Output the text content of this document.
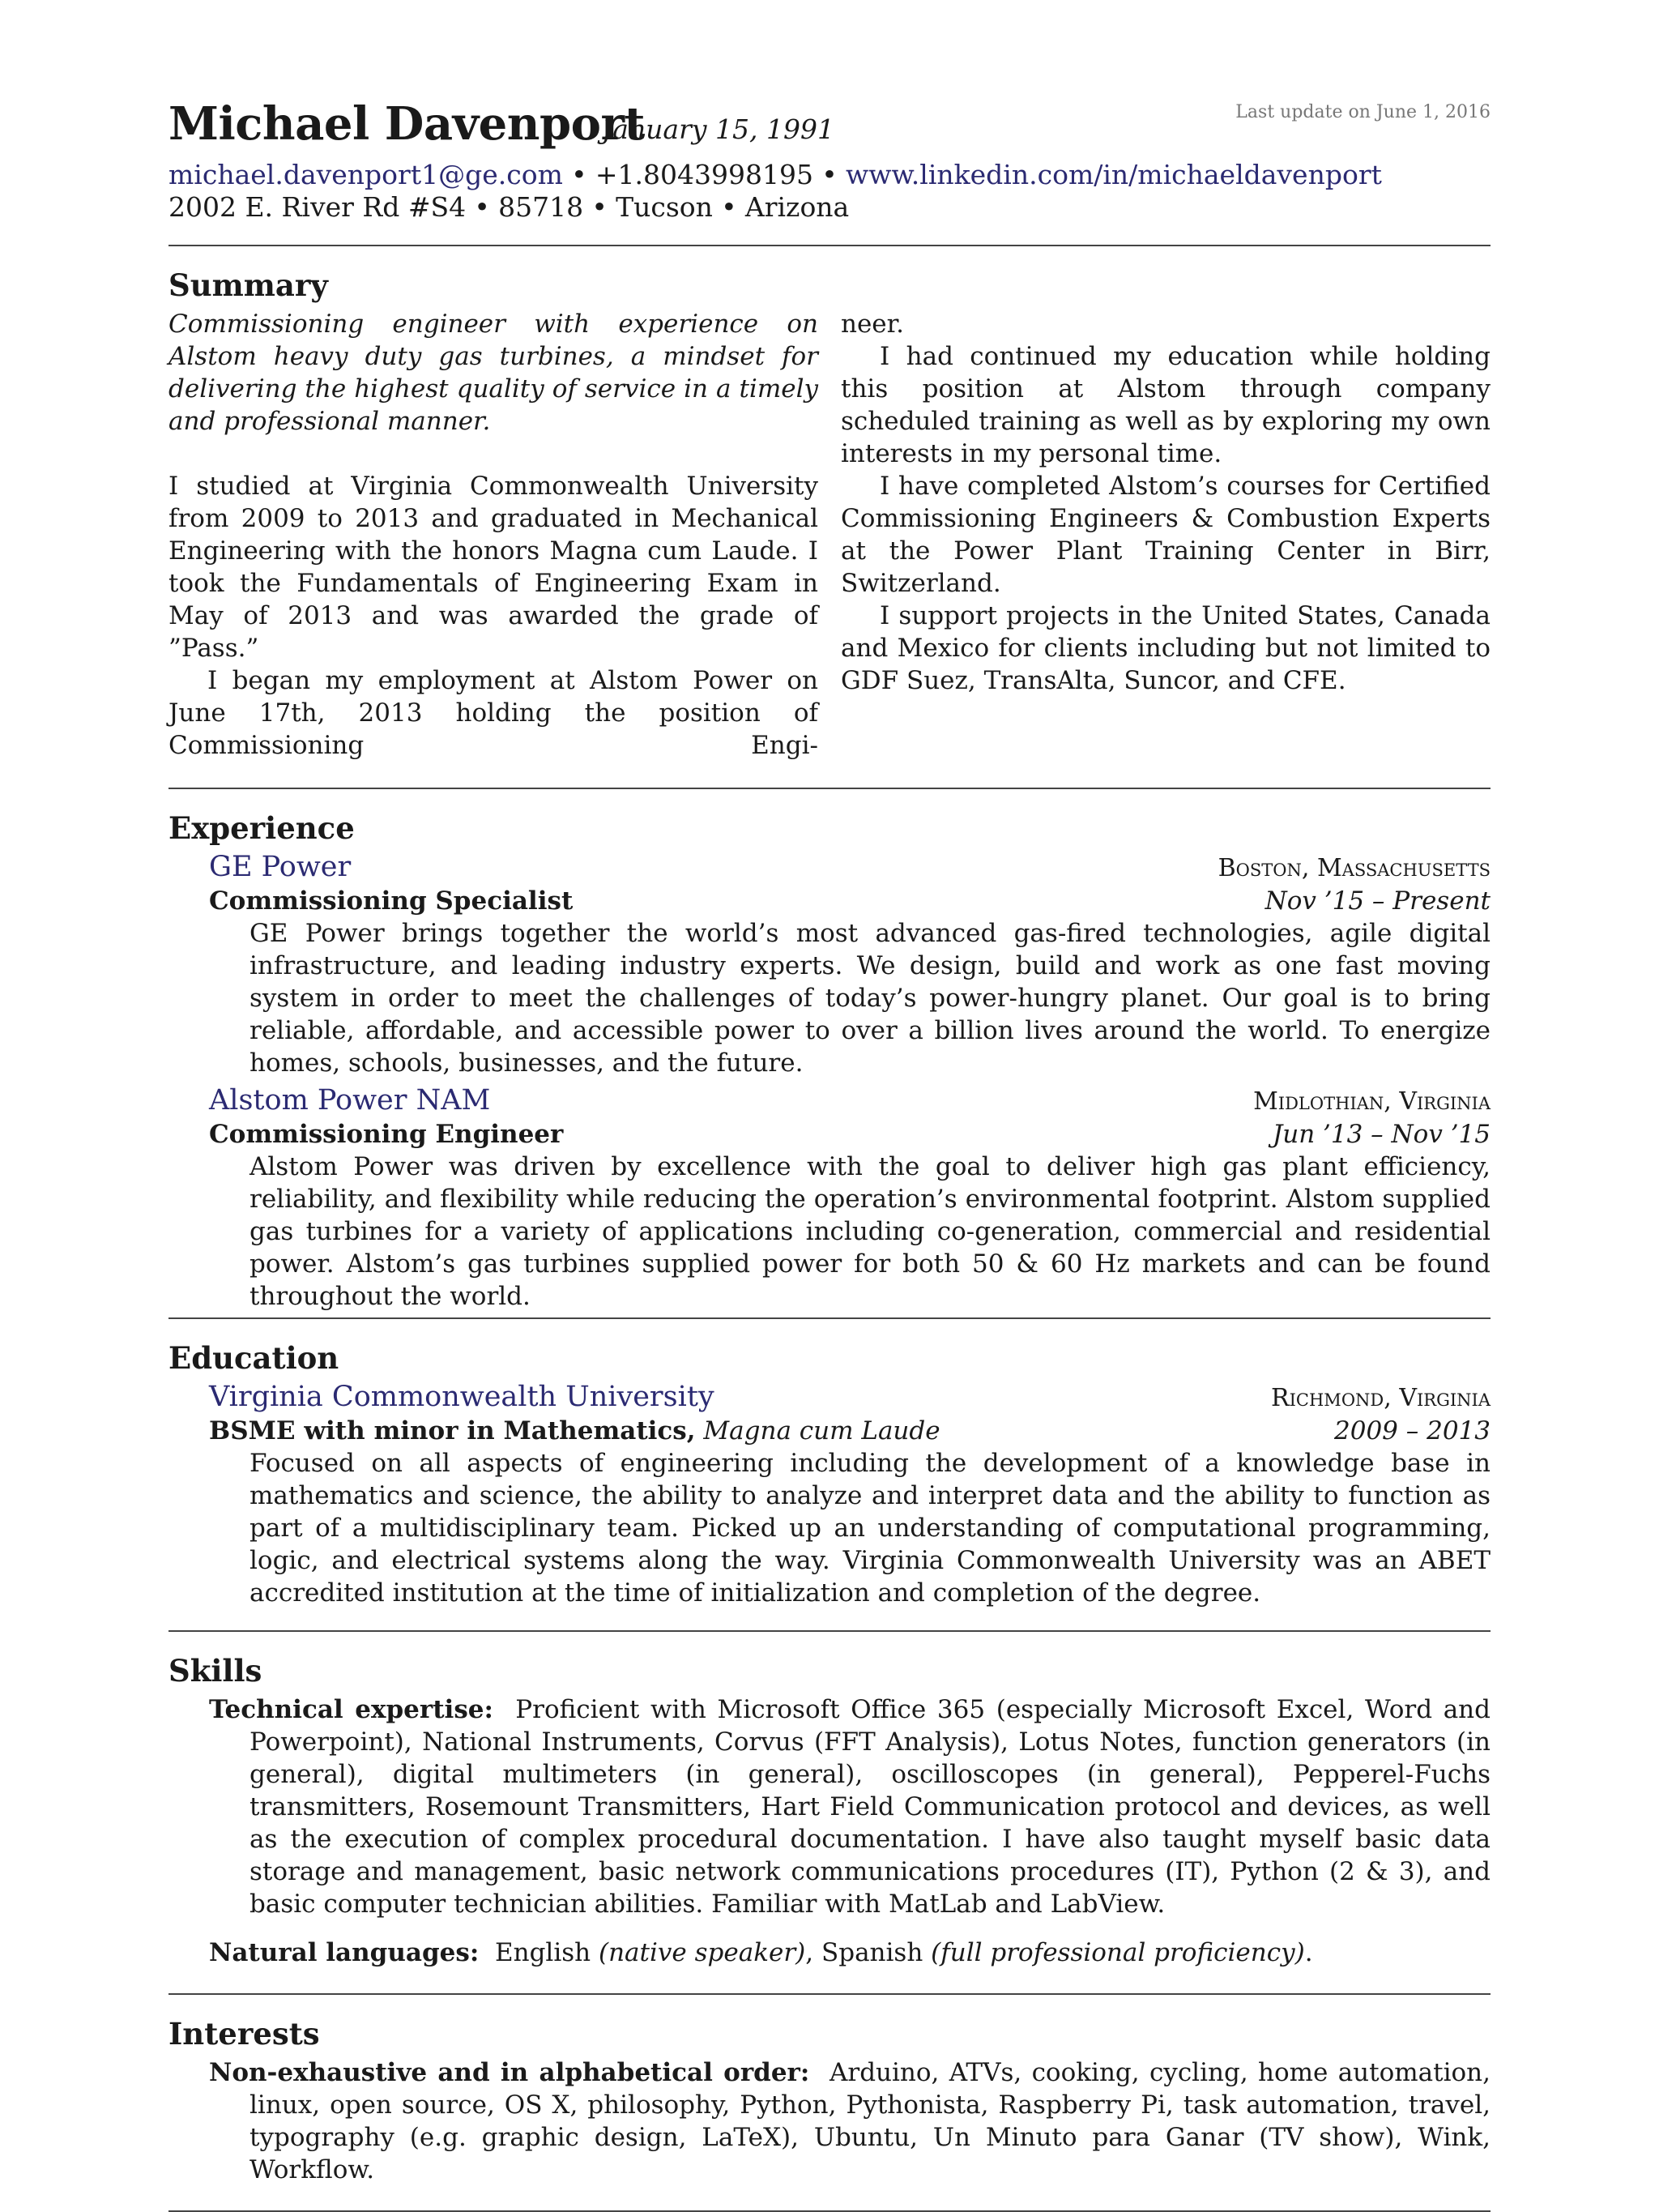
Michael Davenport
January 15, 1991
Last update on June 1, 2016
michael.davenport1@ge.com • +1.8043998195 • www.linkedin.com/in/michaeldavenport
2002 E. River Rd #S4 • 85718 • Tucson • Arizona
Summary

Commissioning engineer with experience on Alstom heavy duty gas turbines, a mindset for delivering the highest quality of service in a timely and professional manner.

I studied at Virginia Commonwealth University from 2009 to 2013 and graduated in Mechanical Engineering with the honors Magna cum Laude. I took the Fundamentals of Engineering Exam in May of 2013 and was awarded the grade of ”Pass.”

I began my employment at Alstom Power on June 17th, 2013 holding the position of Commissioning Engi-

neer.

I had continued my education while holding this position at Alstom through company scheduled training as well as by exploring my own interests in my personal time.

I have completed Alstom’s courses for Certified Commissioning Engineers & Combustion Experts at the Power Plant Training Center in Birr, Switzerland.

I support projects in the United States, Canada and Mexico for clients including but not limited to GDF Suez, TransAlta, Suncor, and CFE.

Experience
GE Power	Boston, Massachusetts
Commissioning Specialist	Nov ’15 – Present
GE Power brings together the world’s most advanced gas-fired technologies, agile digital infrastructure, and leading industry experts. We design, build and work as one fast moving system in order to meet the challenges of today’s power-hungry planet. Our goal is to bring reliable, affordable, and accessible power to over a billion lives around the world. To energize homes, schools, businesses, and the future.
Alstom Power NAM	Midlothian, Virginia
Commissioning Engineer	Jun ’13 – Nov ’15
Alstom Power was driven by excellence with the goal to deliver high gas plant efficiency, reliability, and flexibility while reducing the operation’s environmental footprint. Alstom supplied gas turbines for a variety of applications including co-generation, commercial and residential power. Alstom’s gas turbines supplied power for both 50 & 60 Hz markets and can be found throughout the world.
Education
Virginia Commonwealth University	Richmond, Virginia
BSME with minor in Mathematics, Magna cum Laude	2009 – 2013
Focused on all aspects of engineering including the development of a knowledge base in mathematics and science, the ability to analyze and interpret data and the ability to function as part of a multidisciplinary team. Picked up an understanding of computational programming, logic, and electrical systems along the way. Virginia Commonwealth University was an ABET accredited institution at the time of initialization and completion of the degree.
Skills
Technical expertise: Proficient with Microsoft Office 365 (especially Microsoft Excel, Word and Powerpoint), National Instruments, Corvus (FFT Analysis), Lotus Notes, function generators (in general), digital multimeters (in general), oscilloscopes (in general), Pepperel-Fuchs transmitters, Rosemount Transmitters, Hart Field Communication protocol and devices, as well as the execution of complex procedural documentation. I have also taught myself basic data storage and management, basic network communications procedures (IT), Python (2 & 3), and basic computer technician abilities. Familiar with MatLab and LabView.
Natural languages: English (native speaker), Spanish (full professional proficiency).
Interests
Non-exhaustive and in alphabetical order: Arduino, ATVs, cooking, cycling, home automation, linux, open source, OS X, philosophy, Python, Pythonista, Raspberry Pi, task automation, travel, typography (e.g. graphic design, LaTeX), Ubuntu, Un Minuto para Ganar (TV show), Wink, Workflow.
